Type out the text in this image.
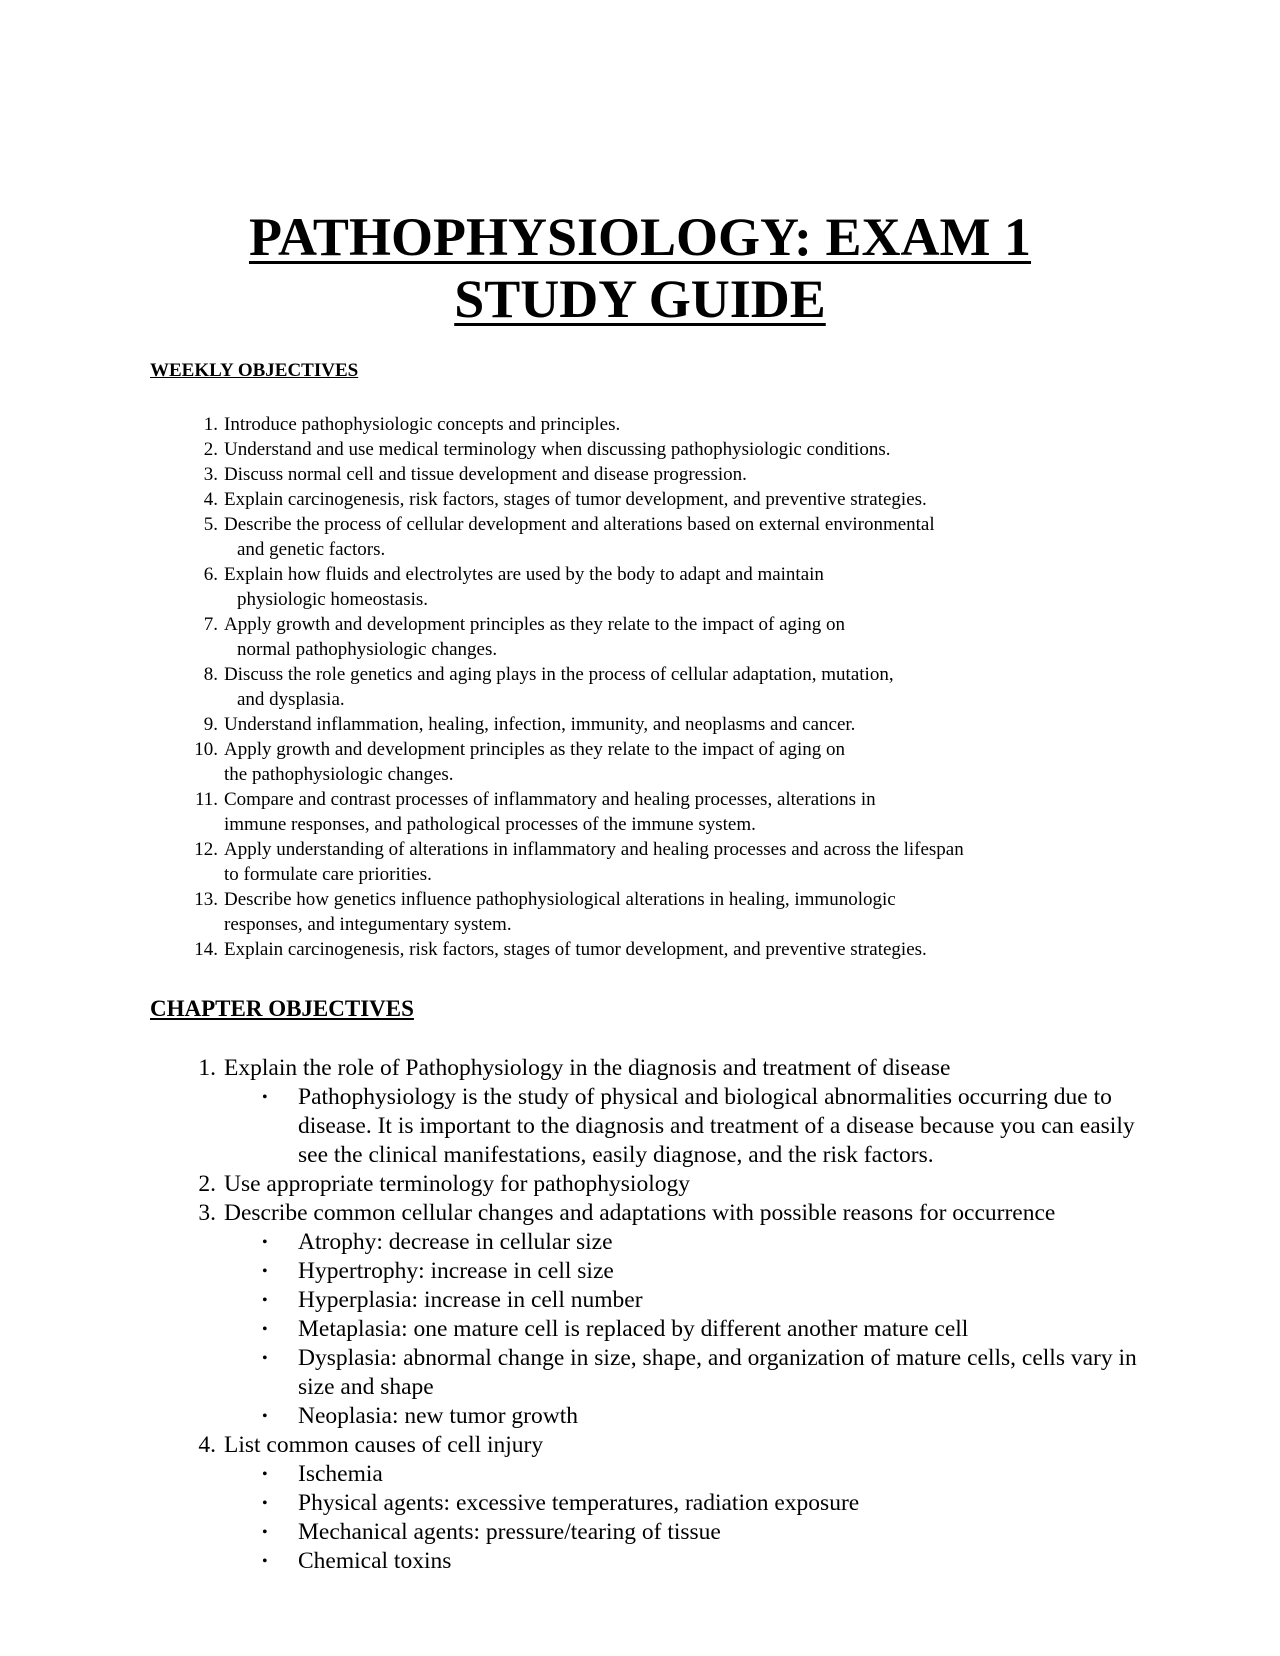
PATHOPHYSIOLOGY: EXAM 1
STUDY GUIDE
WEEKLY OBJECTIVES
1. Introduce pathophysiologic concepts and principles.
2. Understand and use medical terminology when discussing pathophysiologic conditions.
3. Discuss normal cell and tissue development and disease progression.
4. Explain carcinogenesis, risk factors, stages of tumor development, and preventive strategies.
5. Describe the process of cellular development and alterations based on external environmental
and genetic factors.
6. Explain how fluids and electrolytes are used by the body to adapt and maintain
physiologic homeostasis.
7. Apply growth and development principles as they relate to the impact of aging on
normal pathophysiologic changes.
8. Discuss the role genetics and aging plays in the process of cellular adaptation, mutation,
and dysplasia.
9. Understand inflammation, healing, infection, immunity, and neoplasms and cancer.
10. Apply growth and development principles as they relate to the impact of aging on
the pathophysiologic changes.
11. Compare and contrast processes of inflammatory and healing processes, alterations in
immune responses, and pathological processes of the immune system.
12. Apply understanding of alterations in inflammatory and healing processes and across the lifespan
to formulate care priorities.
13. Describe how genetics influence pathophysiological alterations in healing, immunologic
responses, and integumentary system.
14. Explain carcinogenesis, risk factors, stages of tumor development, and preventive strategies.
CHAPTER OBJECTIVES
1. Explain the role of Pathophysiology in the diagnosis and treatment of disease
• Pathophysiology is the study of physical and biological abnormalities occurring due to disease. It is important to the diagnosis and treatment of a disease because you can easily see the clinical manifestations, easily diagnose, and the risk factors.
2. Use appropriate terminology for pathophysiology
3. Describe common cellular changes and adaptations with possible reasons for occurrence
• Atrophy: decrease in cellular size
• Hypertrophy: increase in cell size
• Hyperplasia: increase in cell number
• Metaplasia: one mature cell is replaced by different another mature cell
• Dysplasia: abnormal change in size, shape, and organization of mature cells, cells vary in size and shape
• Neoplasia: new tumor growth
4. List common causes of cell injury
• Ischemia
• Physical agents: excessive temperatures, radiation exposure
• Mechanical agents: pressure/tearing of tissue
• Chemical toxins
